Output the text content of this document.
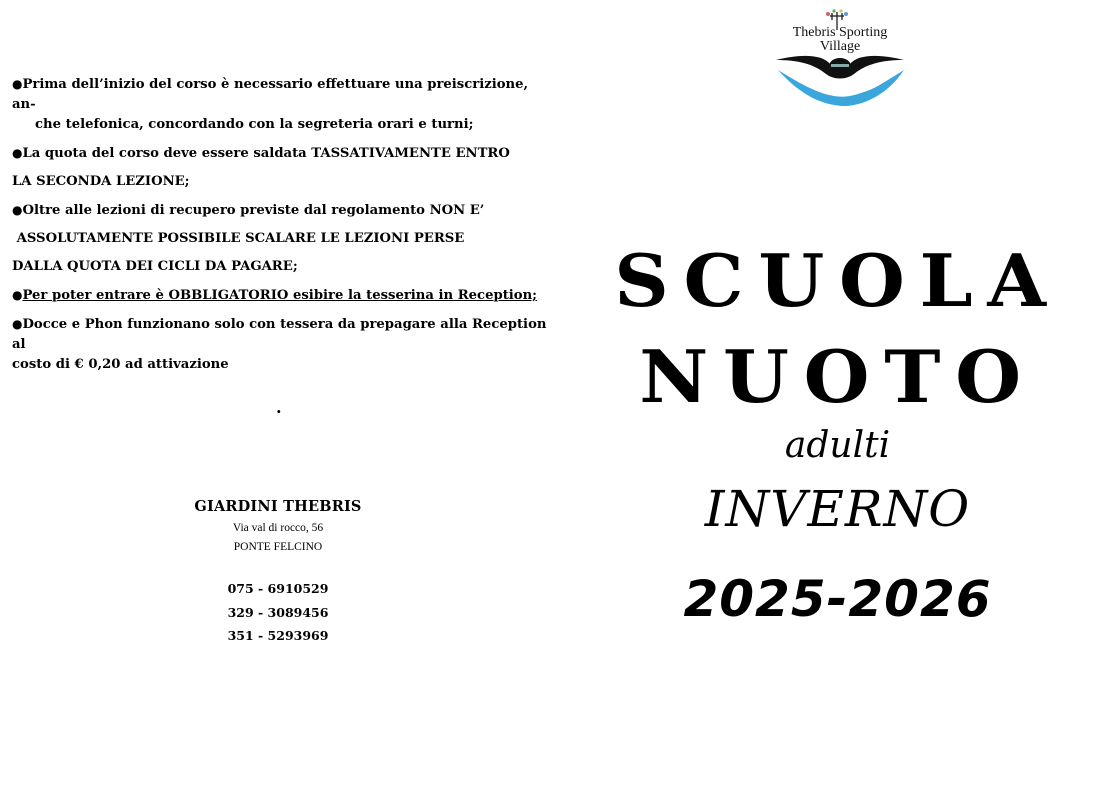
●Prima dell’inizio del corso è necessario effettuare una preiscrizione, an-
che telefonica, concordando con la segreteria orari e turni;

●La quota del corso deve essere saldata TASSATIVAMENTE ENTRO

LA SECONDA LEZIONE;

●Oltre alle lezioni di recupero previste dal regolamento NON E’

ASSOLUTAMENTE POSSIBILE SCALARE LE LEZIONI PERSE

DALLA QUOTA DEI CICLI DA PAGARE;

●Per poter entrare è OBBLIGATORIO esibire la tesserina in Reception;

●Docce e Phon funzionano solo con tessera da prepagare alla Reception al
costo di € 0,20 ad attivazione

.

GIARDINI THEBRIS

Via val di rocco, 56

PONTE FELCINO

075 - 6910529

329 - 3089456

351 - 5293969

Thebris Sporting
Village
SCUOLA
NUOTO
adulti
INVERNO
2025-2026
